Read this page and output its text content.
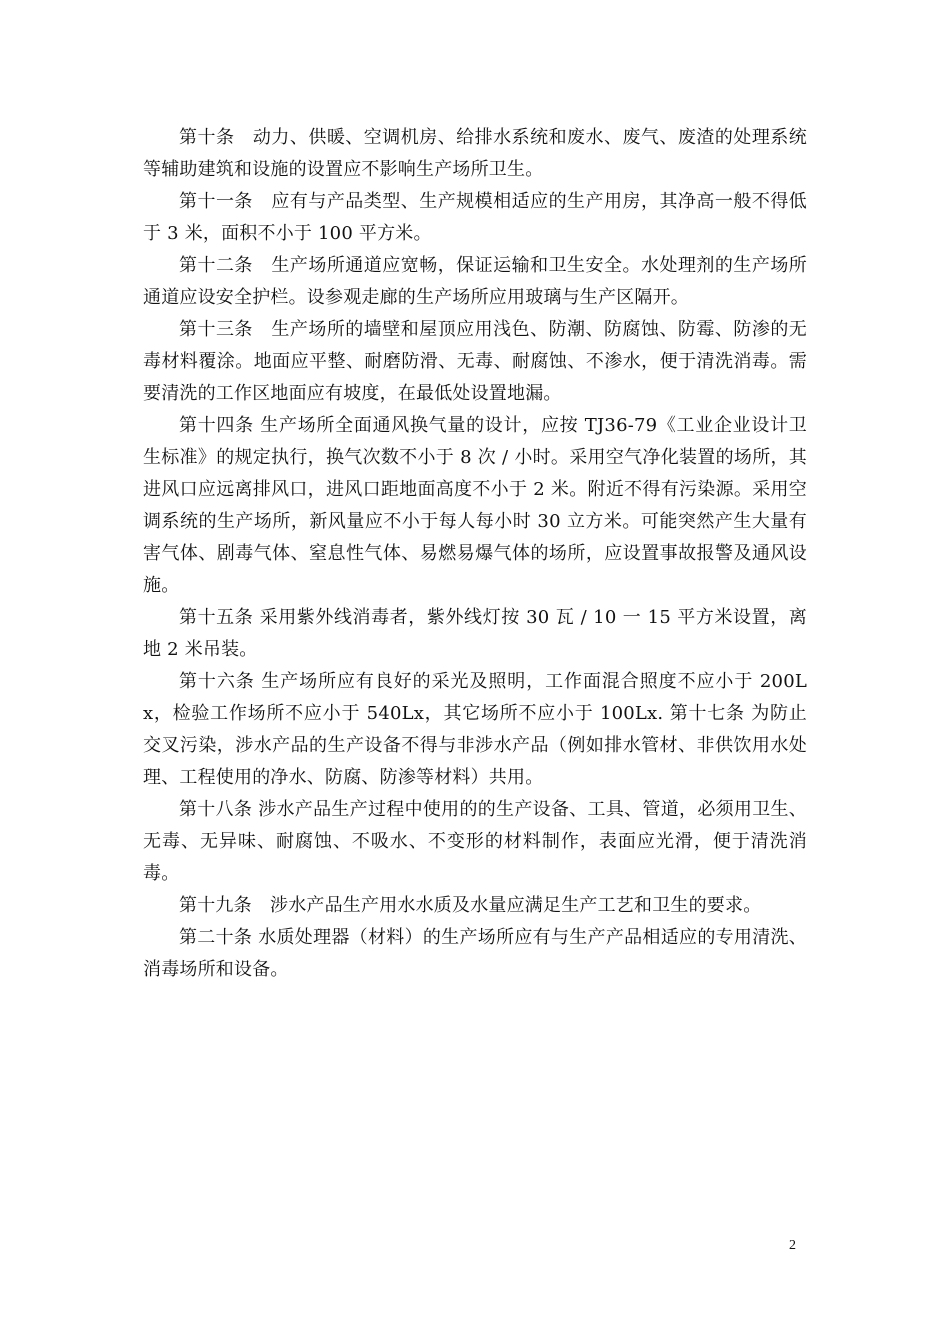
第十条　动力、供暖、空调机房、给排水系统和废水、废气、废渣的处理系统等辅助建筑和设施的设置应不影响生产场所卫生。

第十一条　应有与产品类型、生产规模相适应的生产用房，其净高一般不得低于 3 米，面积不小于 100 平方米。

第十二条　生产场所通道应宽畅，保证运输和卫生安全。水处理剂的生产场所通道应设安全护栏。设参观走廊的生产场所应用玻璃与生产区隔开。

第十三条　生产场所的墙壁和屋顶应用浅色、防潮、防腐蚀、防霉、防渗的无毒材料覆涂。地面应平整、耐磨防滑、无毒、耐腐蚀、不渗水，便于清洗消毒。需要清洗的工作区地面应有坡度，在最低处设置地漏。

第十四条 生产场所全面通风换气量的设计，应按 TJ36-79《工业企业设计卫生标准》的规定执行，换气次数不小于 8 次 / 小时。采用空气净化装置的场所，其进风口应远离排风口，进风口距地面高度不小于 2 米。附近不得有污染源。采用空调系统的生产场所，新风量应不小于每人每小时 30 立方米。可能突然产生大量有害气体、剧毒气体、窒息性气体、易燃易爆气体的场所，应设置事故报警及通风设施。

第十五条 采用紫外线消毒者，紫外线灯按 30 瓦 / 10 一 15 平方米设置，离地 2 米吊装。

第十六条 生产场所应有良好的采光及照明，工作面混合照度不应小于 200Lx，检验工作场所不应小于 540Lx，其它场所不应小于 100Lx. 第十七条 为防止交叉污染，涉水产品的生产设备不得与非涉水产品（例如排水管材、非供饮用水处理、工程使用的净水、防腐、防渗等材料）共用。

第十八条 涉水产品生产过程中使用的的生产设备、工具、管道，必须用卫生、无毒、无异味、耐腐蚀、不吸水、不变形的材料制作，表面应光滑，便于清洗消毒。

第十九条　涉水产品生产用水水质及水量应满足生产工艺和卫生的要求。

第二十条 水质处理器（材料）的生产场所应有与生产产品相适应的专用清洗、消毒场所和设备。

2
